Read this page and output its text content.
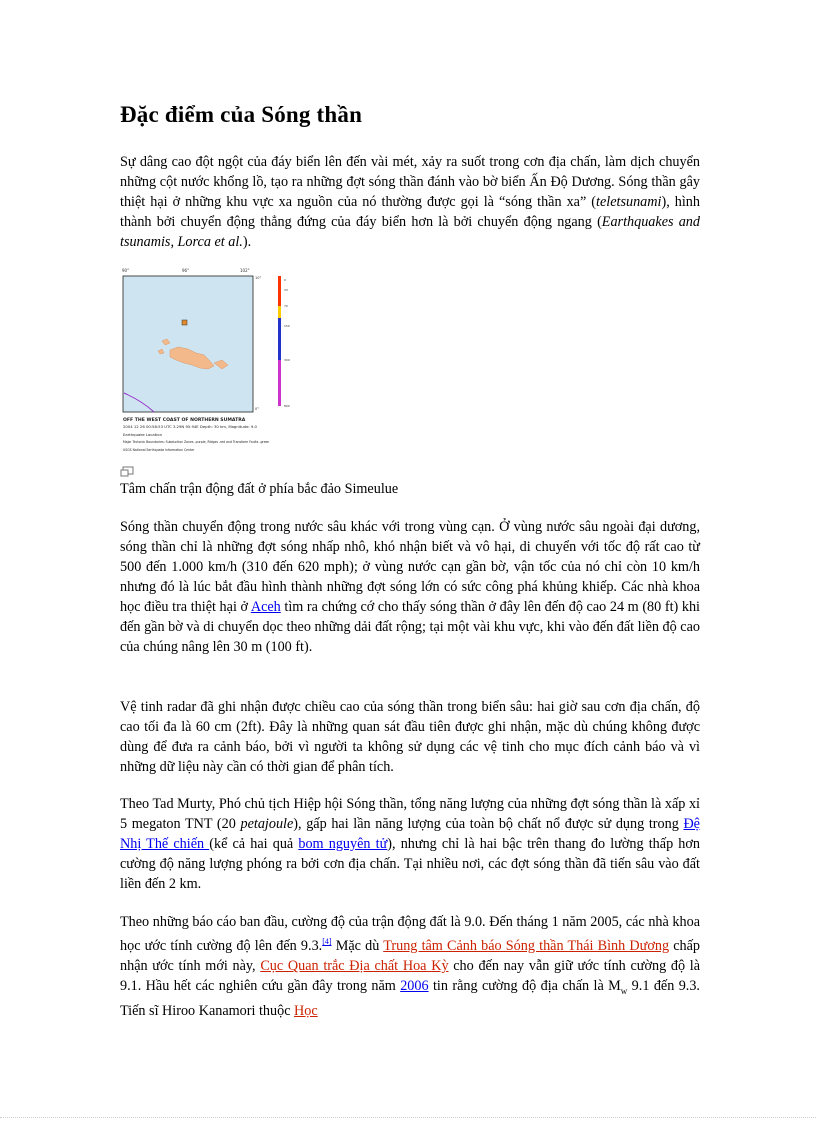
Đặc điểm của Sóng thần

Sự dâng cao đột ngột của đáy biển lên đến vài mét, xảy ra suốt trong cơn địa chấn, làm dịch chuyển những cột nước khổng lồ, tạo ra những đợt sóng thần đánh vào bờ biển Ấn Độ Dương. Sóng thần gây thiệt hại ở những khu vực xa nguồn của nó thường được gọi là “sóng thần xa” (teletsunami), hình thành bởi chuyển động thẳng đứng của đáy biển hơn là bởi chuyển động ngang (Earthquakes and tsunamis, Lorca et al.).

90°	96°	102°
10°
0°
0
33
70
150
300
800
OFF THE WEST COAST OF NORTHERN SUMATRA
2004 12 26 00:58:53 UTC 3.29N 95.94E Depth: 30 km, Magnitude: 9.0
Earthquake Location
Major Tectonic Boundaries: Subduction Zones -purple, Ridges -red and Transform Faults -green
USGS National Earthquake Information Center

Tâm chấn trận động đất ở phía bắc đảo Simeulue

Sóng thần chuyển động trong nước sâu khác với trong vùng cạn. Ở vùng nước sâu ngoài đại dương, sóng thần chỉ là những đợt sóng nhấp nhô, khó nhận biết và vô hại, di chuyển với tốc độ rất cao từ 500 đến 1.000 km/h (310 đến 620 mph); ở vùng nước cạn gần bờ, vận tốc của nó chỉ còn 10 km/h nhưng đó là lúc bắt đầu hình thành những đợt sóng lớn có sức công phá khủng khiếp. Các nhà khoa học điều tra thiệt hại ở Aceh tìm ra chứng cớ cho thấy sóng thần ở đây lên đến độ cao 24 m (80 ft) khi đến gần bờ và di chuyển dọc theo những dải đất rộng; tại một vài khu vực, khi vào đến đất liền độ cao của chúng nâng lên 30 m (100 ft).

Vệ tinh radar đã ghi nhận được chiều cao của sóng thần trong biển sâu: hai giờ sau cơn địa chấn, độ cao tối đa là 60 cm (2ft). Đây là những quan sát đầu tiên được ghi nhận, mặc dù chúng không được dùng để đưa ra cảnh báo, bởi vì người ta không sử dụng các vệ tinh cho mục đích cảnh báo và vì những dữ liệu này cần có thời gian để phân tích.

Theo Tad Murty, Phó chủ tịch Hiệp hội Sóng thần, tổng năng lượng của những đợt sóng thần là xấp xỉ 5 megaton TNT (20 petajoule), gấp hai lần năng lượng của toàn bộ chất nổ được sử dụng trong Đệ Nhị Thế chiến (kể cả hai quả bom nguyên tử), nhưng chỉ là hai bậc trên thang đo lường thấp hơn cường độ năng lượng phóng ra bởi cơn địa chấn. Tại nhiều nơi, các đợt sóng thần đã tiến sâu vào đất liền đến 2 km.

Theo những báo cáo ban đầu, cường độ của trận động đất là 9.0. Đến tháng 1 năm 2005, các nhà khoa học ước tính cường độ lên đến 9.3.[4] Mặc dù Trung tâm Cảnh báo Sóng thần Thái Bình Dương chấp nhận ước tính mới này, Cục Quan trắc Địa chất Hoa Kỳ cho đến nay vẫn giữ ước tính cường độ là 9.1. Hầu hết các nghiên cứu gần đây trong năm 2006 tin rằng cường độ địa chấn là $M_w$ 9.1 đến 9.3. Tiến sĩ Hiroo Kanamori thuộc Học
